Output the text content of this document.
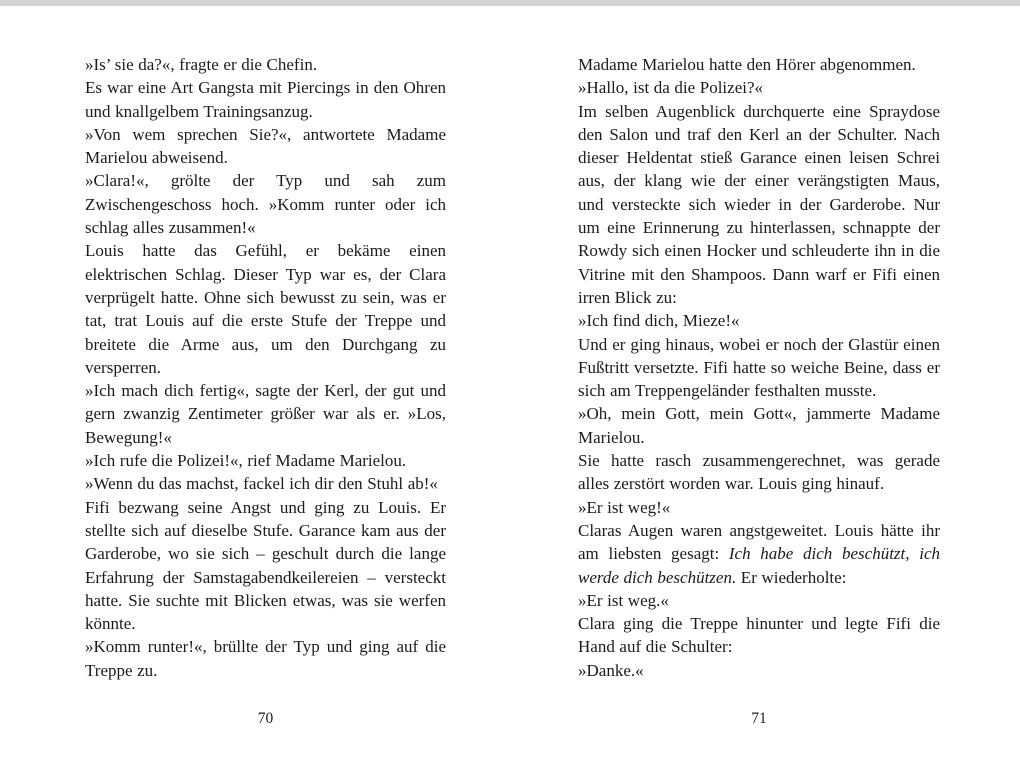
»Is’ sie da?«, fragte er die Chefin.

Es war eine Art Gangsta mit Piercings in den Ohren und knallgelbem Trainingsanzug.

»Von wem sprechen Sie?«, antwortete Madame Marielou abweisend.

»Clara!«, grölte der Typ und sah zum Zwischengeschoss hoch. »Komm runter oder ich schlag alles zusammen!«

Louis hatte das Gefühl, er bekäme einen elektrischen Schlag. Dieser Typ war es, der Clara verprügelt hatte. Ohne sich bewusst zu sein, was er tat, trat Louis auf die erste Stufe der Treppe und breitete die Arme aus, um den Durchgang zu versperren.

»Ich mach dich fertig«, sagte der Kerl, der gut und gern zwanzig Zentimeter größer war als er. »Los, Bewegung!«

»Ich rufe die Polizei!«, rief Madame Marielou.

»Wenn du das machst, fackel ich dir den Stuhl ab!«

Fifi bezwang seine Angst und ging zu Louis. Er stellte sich auf dieselbe Stufe. Garance kam aus der Garderobe, wo sie sich – geschult durch die lange Erfahrung der Samstagabendkeilereien – versteckt hatte. Sie suchte mit Blicken etwas, was sie werfen könnte.

»Komm runter!«, brüllte der Typ und ging auf die Treppe zu.

Madame Marielou hatte den Hörer abgenommen.

»Hallo, ist da die Polizei?«

Im selben Augenblick durchquerte eine Spraydose den Salon und traf den Kerl an der Schulter. Nach dieser Heldentat stieß Garance einen leisen Schrei aus, der klang wie der einer verängstigten Maus, und versteckte sich wieder in der Garderobe. Nur um eine Erinnerung zu hinterlassen, schnappte der Rowdy sich einen Hocker und schleuderte ihn in die Vitrine mit den Shampoos. Dann warf er Fifi einen irren Blick zu:

»Ich find dich, Mieze!«

Und er ging hinaus, wobei er noch der Glastür einen Fußtritt versetzte. Fifi hatte so weiche Beine, dass er sich am Treppengeländer festhalten musste.

»Oh, mein Gott, mein Gott«, jammerte Madame Marielou.

Sie hatte rasch zusammengerechnet, was gerade alles zerstört worden war. Louis ging hinauf.

»Er ist weg!«

Claras Augen waren angstgeweitet. Louis hätte ihr am liebsten gesagt: Ich habe dich beschützt, ich werde dich beschützen. Er wiederholte:

»Er ist weg.«

Clara ging die Treppe hinunter und legte Fifi die Hand auf die Schulter:

»Danke.«

70	71
